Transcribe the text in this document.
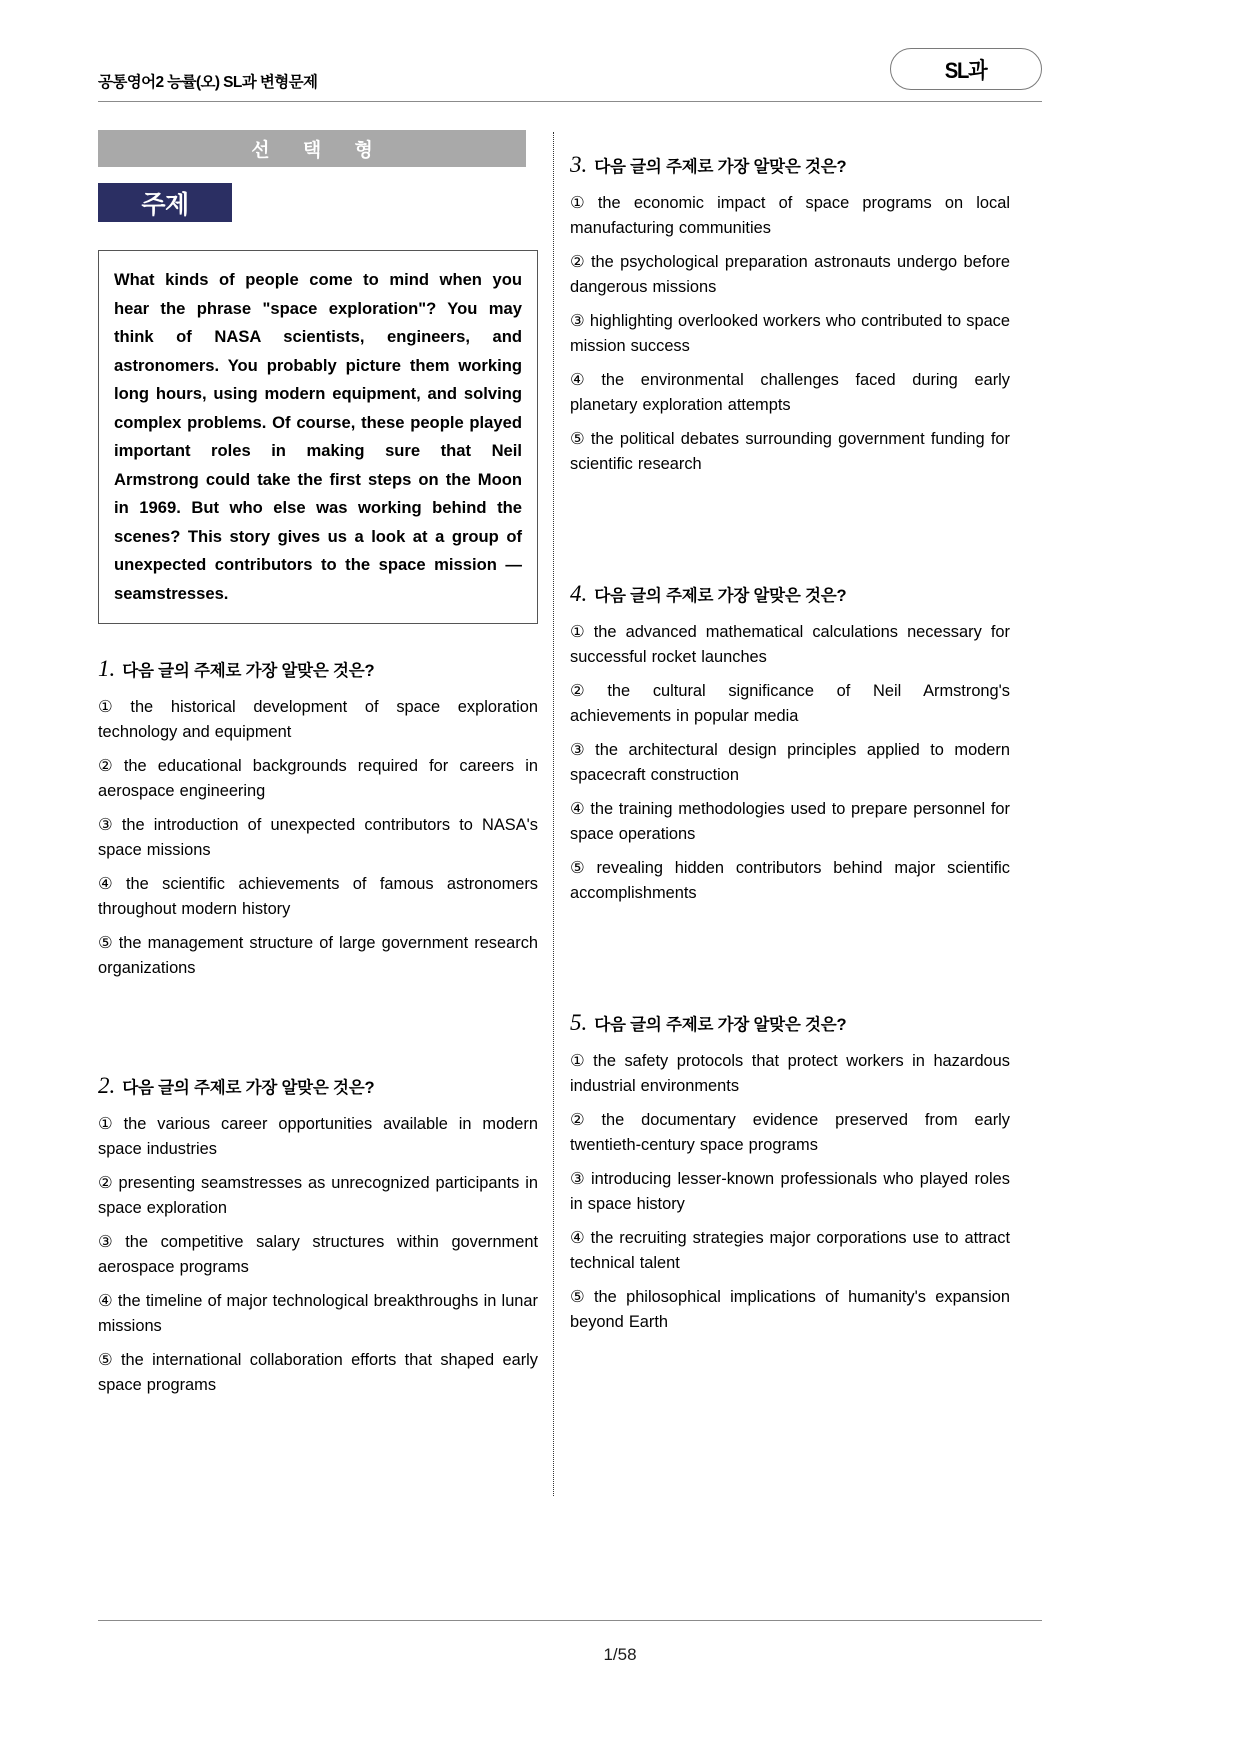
공통영어2 능률(오) SL과 변형문제	SL과
선 택 형
주제

What kinds of people come to mind when you hear the phrase "space exploration"? You may think of NASA scientists, engineers, and astronomers. You probably picture them working long hours, using modern equipment, and solving complex problems. Of course, these people played important roles in making sure that Neil Armstrong could take the first steps on the Moon in 1969. But who else was working behind the scenes? This story gives us a look at a group of unexpected contributors to the space mission — seamstresses.

1. 다음 글의 주제로 가장 알맞은 것은?

① the historical development of space exploration technology and equipment

② the educational backgrounds required for careers in aerospace engineering

③ the introduction of unexpected contributors to NASA's space missions

④ the scientific achievements of famous astronomers throughout modern history

⑤ the management structure of large government research organizations

2. 다음 글의 주제로 가장 알맞은 것은?

① the various career opportunities available in modern space industries

② presenting seamstresses as unrecognized participants in space exploration

③ the competitive salary structures within government aerospace programs

④ the timeline of major technological breakthroughs in lunar missions

⑤ the international collaboration efforts that shaped early space programs

3. 다음 글의 주제로 가장 알맞은 것은?

① the economic impact of space programs on local manufacturing communities

② the psychological preparation astronauts undergo before dangerous missions

③ highlighting overlooked workers who contributed to space mission success

④ the environmental challenges faced during early planetary exploration attempts

⑤ the political debates surrounding government funding for scientific research

4. 다음 글의 주제로 가장 알맞은 것은?

① the advanced mathematical calculations necessary for successful rocket launches

② the cultural significance of Neil Armstrong's achievements in popular media

③ the architectural design principles applied to modern spacecraft construction

④ the training methodologies used to prepare personnel for space operations

⑤ revealing hidden contributors behind major scientific accomplishments

5. 다음 글의 주제로 가장 알맞은 것은?

① the safety protocols that protect workers in hazardous industrial environments

② the documentary evidence preserved from early twentieth-century space programs

③ introducing lesser-known professionals who played roles in space history

④ the recruiting strategies major corporations use to attract technical talent

⑤ the philosophical implications of humanity's expansion beyond Earth

1/58
